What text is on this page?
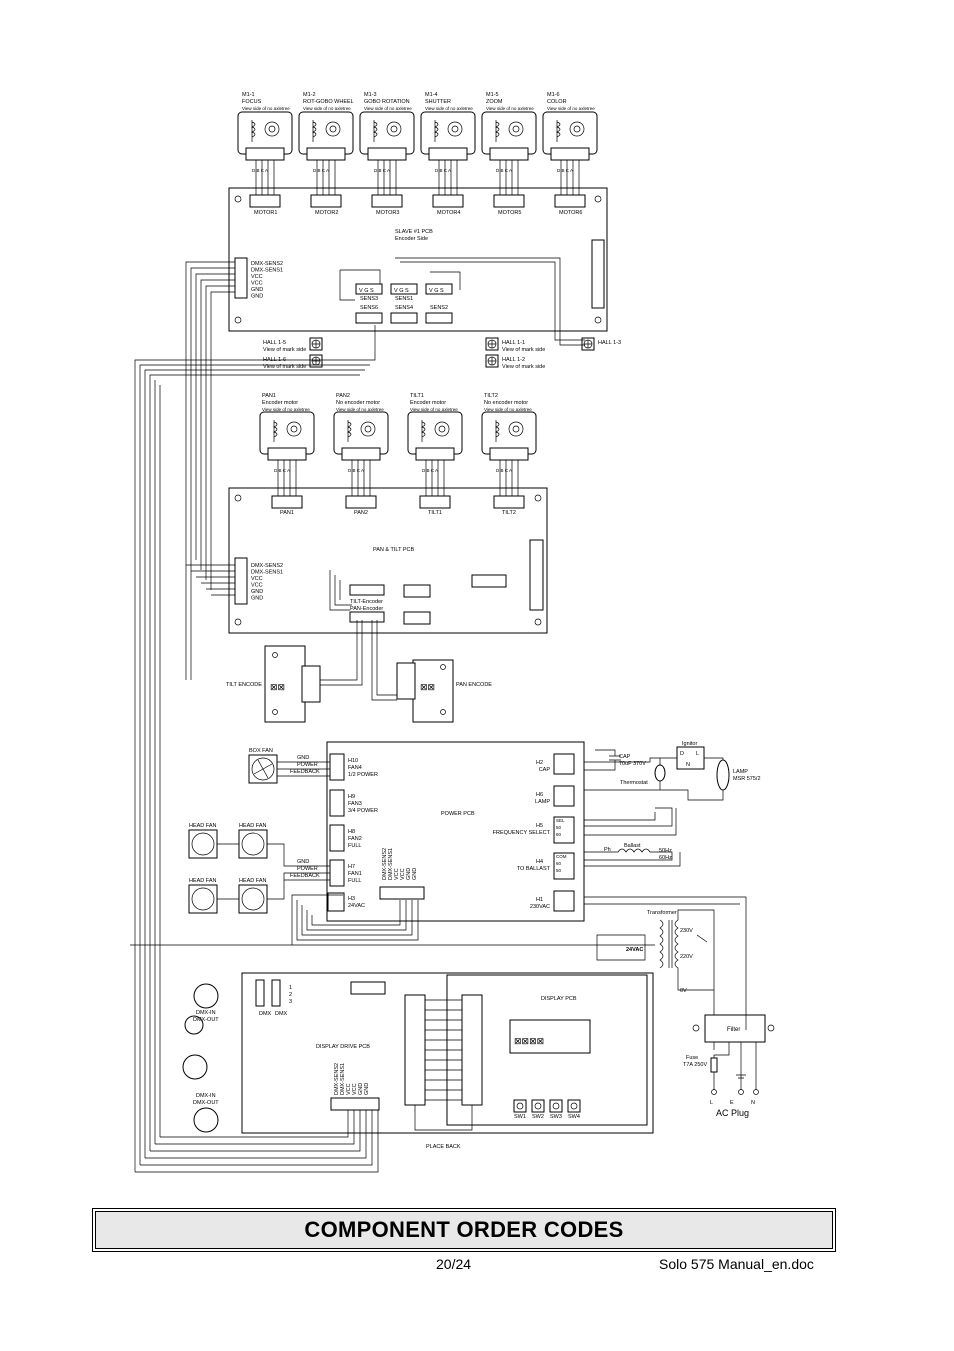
SLAVE #1 PCB
Encoder Side
PAN & TILT PCB
TILT-Encoder
PAN-Encoder
⊠⊠
TILT ENCODE	⊠⊠	PAN ENCODE
POWER PCB
BOX FAN
HEAD FAN	HEAD FAN
HEAD FAN	HEAD FAN
GND
POWER
FEEDBACK
GND
POWER
FEEDBACK
CAP
70uF 370V
Ignitor
D L
N
LAMP
MSR 575/2
Thermostat
Ph
Ballast
50Hz
60Hz
Transformer
230V
220V
0V
24VAC
Filter
Fuse
T7A 250V
L	E	N
AC Plug
DISPLAY DRIVE PCB
DISPLAY PCB
⊠⊠⊠⊠
PLACE BACK
DMX DMX
1
2
3
DMX-IN
DMX-OUT
DMX-IN
DMX-OUT
M1-1
FOCUS
View side of no axletree
D B C A
MOTOR1
M1-2
ROT-GOBO WHEEL
View side of no axletree
D B C A
MOTOR2
M1-3
GOBO ROTATION
View side of no axletree
D B C A
MOTOR3
M1-4
SHUTTER
View side of no axletree
D B C A
MOTOR4
M1-5
ZOOM
View side of no axletree
D B C A
MOTOR5
M1-6
COLOR
View side of no axletree
D B C A
MOTOR6
DMX-SENS2
DMX-SENS1
VCC
VCC
GND
GND
V G S	V G S	V G S
SENS3	SENS1
SENS6	SENS4	SENS2
HALL 1-5
View of mark side
HALL 1-6
View of mark side
HALL 1-1
View of mark side
HALL 1-2
View of mark side
HALL 1-3
PAN1
Encoder motor
View side of no axletree
D B C A
PAN1
PAN2
No encoder motor
View side of no axletree
D B C A
PAN2
TILT1
Encoder motor
View side of no axletree
D B C A
TILT1
TILT2
No encoder motor
View side of no axletree
D B C A
TILT2
DMX-SENS2
DMX-SENS1
VCC
VCC
GND
GND
H10
FAN4
1/2 POWER
H9
FAN3
3/4 POWER
H8
FAN2
FULL
H7
FAN1
FULL
H3
24VAC
DMX-SENS2 DMX-SENS1 VCC VCC GND GND
H2
CAP
H6
LAMP
H5
FREQUENCY SELECT
H4
TO BALLAST
H1
230VAC
SEL
50
60
COM
60
50
DMX-SENS2 DMX-SENS1 VCC VCC GND GND
SW1 SW2 SW3 SW4
COMPONENT ORDER CODES
20/24	Solo 575 Manual_en.doc
